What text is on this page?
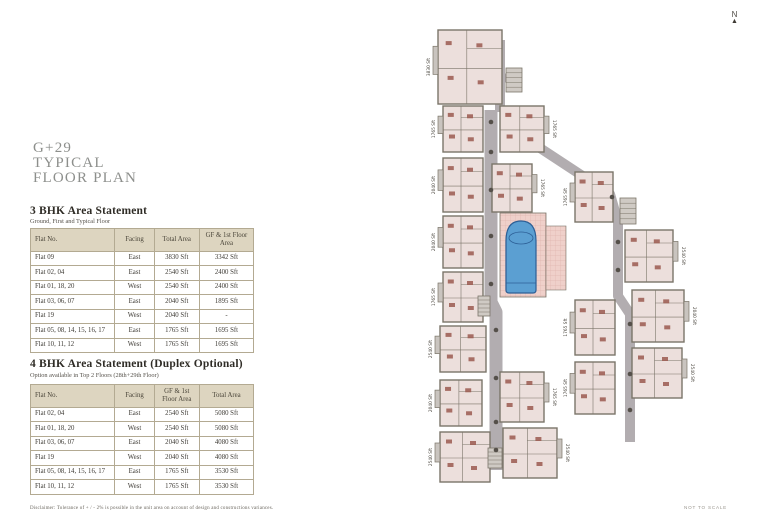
G+29
TYPICAL
FLOOR PLAN
3 BHK Area Statement
Ground, First and Typical Floor
Flat No.	Facing	Total Area	GF & 1st Floor Area
Flat 09	East	3830 Sft	3342 Sft
Flat 02, 04	East	2540 Sft	2400 Sft
Flat 01, 18, 20	West	2540 Sft	2400 Sft
Flat 03, 06, 07	East	2040 Sft	1895 Sft
Flat 19	West	2040 Sft	-
Flat 05, 08, 14, 15, 16, 17	East	1765 Sft	1695 Sft
Flat 10, 11, 12	West	1765 Sft	1695 Sft
4 BHK Area Statement (Duplex Optional)
Option available in Top 2 Floors (28th+29th Floor)
Flat No.	Facing	GF & 1st Floor Area	Total Area
Flat 02, 04	East	2540 Sft	5080 Sft
Flat 01, 18, 20	West	2540 Sft	5080 Sft
Flat 03, 06, 07	East	2040 Sft	4080 Sft
Flat 19	West	2040 Sft	4080 Sft
Flat 05, 08, 14, 15, 16, 17	East	1765 Sft	3530 Sft
Flat 10, 11, 12	West	1765 Sft	3530 Sft
Disclaimer: Tolerance of + / - 2% is possible in the unit area on account of design and constructions variances.	NOT TO SCALE
N
▲
3830 Sft
1765 Sft	1765 Sft
2040 Sft	1765 Sft	1765 Sft
2040 Sft
2540 Sft
1765 Sft
1765 Sft
2040 Sft
2540 Sft
2540 Sft
1765 Sft
2040 Sft	1765 Sft
2540 Sft	2540 Sft
